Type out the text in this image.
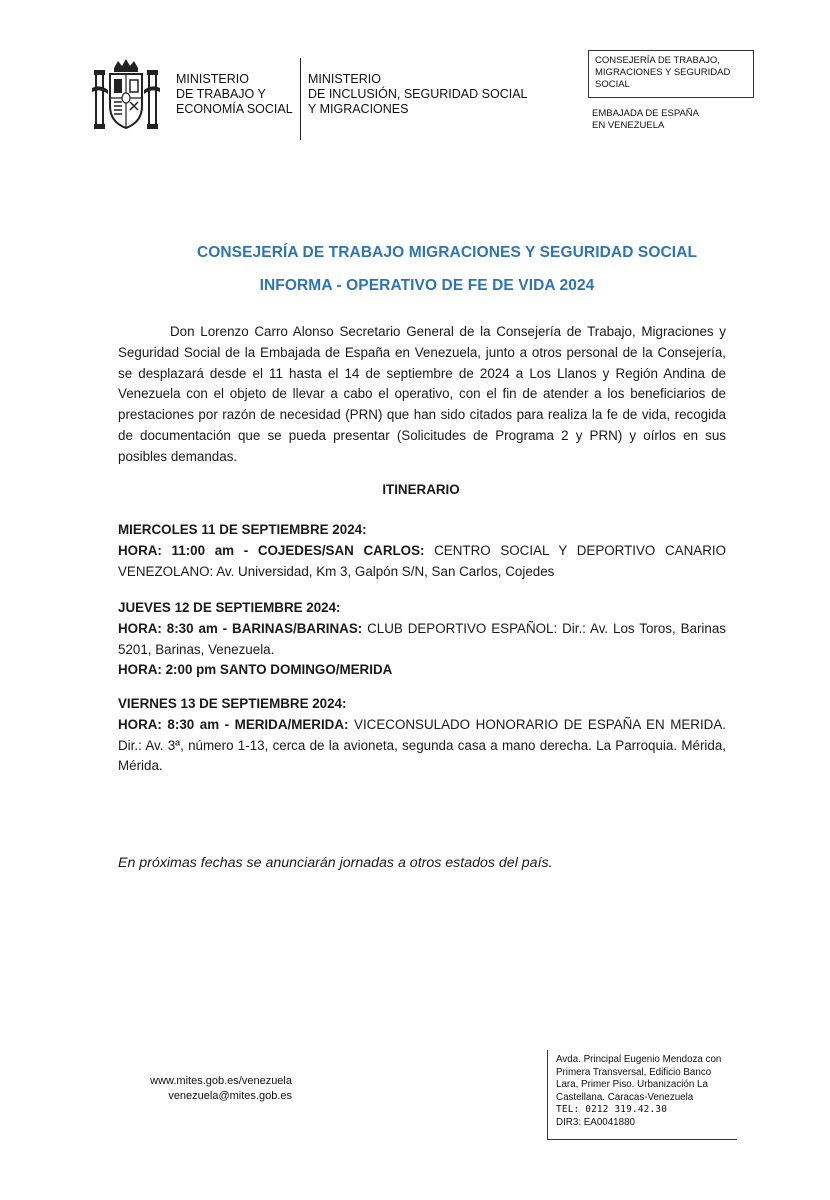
MINISTERIO
DE TRABAJO Y
ECONOMÍA SOCIAL
MINISTERIO
DE INCLUSIÓN, SEGURIDAD SOCIAL
Y MIGRACIONES
CONSEJERÍA DE TRABAJO,
MIGRACIONES Y SEGURIDAD
SOCIAL
EMBAJADA DE ESPAÑA
EN VENEZUELA
CONSEJERÍA DE TRABAJO MIGRACIONES Y SEGURIDAD SOCIAL
INFORMA - OPERATIVO DE FE DE VIDA 2024
Don Lorenzo Carro Alonso Secretario General de la Consejería de Trabajo, Migraciones y Seguridad Social de la Embajada de España en Venezuela, junto a otros personal de la Consejería, se desplazará desde el 11 hasta el 14 de septiembre de 2024 a Los Llanos y Región Andina de Venezuela con el objeto de llevar a cabo el operativo, con el fin de atender a los beneficiarios de prestaciones por razón de necesidad (PRN) que han sido citados para realiza la fe de vida, recogida de documentación que se pueda presentar (Solicitudes de Programa 2 y PRN) y oírlos en sus posibles demandas.
ITINERARIO
MIERCOLES 11 DE SEPTIEMBRE 2024:
HORA: 11:00 am - COJEDES/SAN CARLOS: CENTRO SOCIAL Y DEPORTIVO CANARIO
VENEZOLANO: Av. Universidad, Km 3, Galpón S/N, San Carlos, Cojedes
JUEVES 12 DE SEPTIEMBRE 2024:
HORA: 8:30 am - BARINAS/BARINAS: CLUB DEPORTIVO ESPAÑOL: Dir.: Av. Los Toros, Barinas 5201, Barinas, Venezuela.
HORA: 2:00 pm SANTO DOMINGO/MERIDA
VIERNES 13 DE SEPTIEMBRE 2024:
HORA: 8:30 am - MERIDA/MERIDA: VICECONSULADO HONORARIO DE ESPAÑA EN MERIDA. Dir.: Av. 3ª, número 1-13, cerca de la avioneta, segunda casa a mano derecha. La Parroquia. Mérida, Mérida.
En próximas fechas se anunciarán jornadas a otros estados del país.
www.mites.gob.es/venezuela
venezuela@mites.gob.es
Avda. Principal Eugenio Mendoza con
Primera Transversal, Edificio Banco
Lara, Primer Piso. Urbanización La
Castellana. Caracas-Venezuela
TEL: 0212 319.42.30
DIR3: EA0041880
